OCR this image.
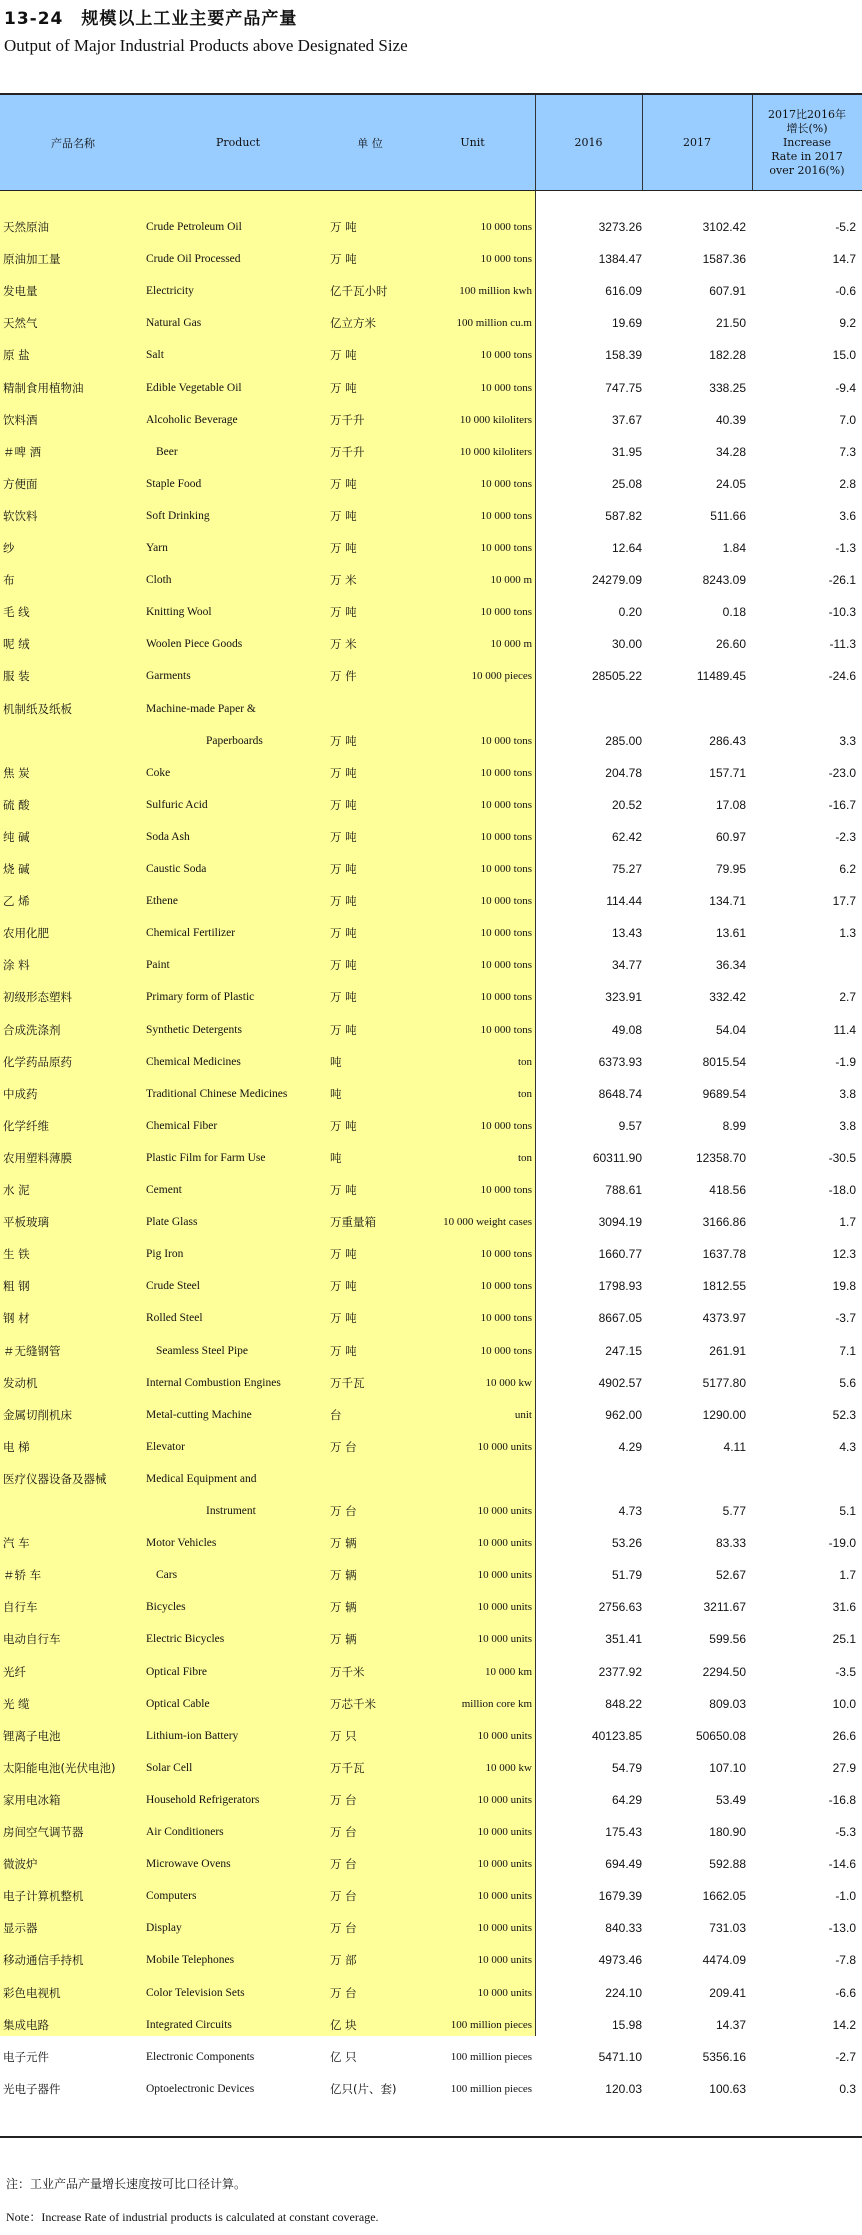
13-24　规模以上工业主要产品产量
Output of Major Industrial Products above Designated Size
产品名称	Product	单 位	Unit	2016	2017
2017比2016年
增长(%)
Increase
Rate in 2017
over 2016(%)
天然原油	Crude Petroleum Oil	万 吨	10 000 tons	3273.26	3102.42	-5.2
原油加工量	Crude Oil Processed	万 吨	10 000 tons	1384.47	1587.36	14.7
发电量	Electricity	亿千瓦小时	100 million kwh	616.09	607.91	-0.6
天然气	Natural Gas	亿立方米	100 million cu.m	19.69	21.50	9.2
原 盐	Salt	万 吨	10 000 tons	158.39	182.28	15.0
精制食用植物油	Edible Vegetable Oil	万 吨	10 000 tons	747.75	338.25	-9.4
饮料酒	Alcoholic Beverage	万千升	10 000 kiloliters	37.67	40.39	7.0
＃啤 酒	Beer	万千升	10 000 kiloliters	31.95	34.28	7.3
方便面	Staple Food	万 吨	10 000 tons	25.08	24.05	2.8
软饮料	Soft Drinking	万 吨	10 000 tons	587.82	511.66	3.6
纱	Yarn	万 吨	10 000 tons	12.64	1.84	-1.3
布	Cloth	万 米	10 000 m	24279.09	8243.09	-26.1
毛 线	Knitting Wool	万 吨	10 000 tons	0.20	0.18	-10.3
呢 绒	Woolen Piece Goods	万 米	10 000 m	30.00	26.60	-11.3
服 装	Garments	万 件	10 000 pieces	28505.22	11489.45	-24.6
机制纸及纸板	Machine-made Paper &
Paperboards	万 吨	10 000 tons	285.00	286.43	3.3
焦 炭	Coke	万 吨	10 000 tons	204.78	157.71	-23.0
硫 酸	Sulfuric Acid	万 吨	10 000 tons	20.52	17.08	-16.7
纯 碱	Soda Ash	万 吨	10 000 tons	62.42	60.97	-2.3
烧 碱	Caustic Soda	万 吨	10 000 tons	75.27	79.95	6.2
乙 烯	Ethene	万 吨	10 000 tons	114.44	134.71	17.7
农用化肥	Chemical Fertilizer	万 吨	10 000 tons	13.43	13.61	1.3
涂 料	Paint	万 吨	10 000 tons	34.77	36.34
初级形态塑料	Primary form of Plastic	万 吨	10 000 tons	323.91	332.42	2.7
合成洗涤剂	Synthetic Detergents	万 吨	10 000 tons	49.08	54.04	11.4
化学药品原药	Chemical Medicines	吨	ton	6373.93	8015.54	-1.9
中成药	Traditional Chinese Medicines	吨	ton	8648.74	9689.54	3.8
化学纤维	Chemical Fiber	万 吨	10 000 tons	9.57	8.99	3.8
农用塑料薄膜	Plastic Film for Farm Use	吨	ton	60311.90	12358.70	-30.5
水 泥	Cement	万 吨	10 000 tons	788.61	418.56	-18.0
平板玻璃	Plate Glass	万重量箱	10 000 weight cases	3094.19	3166.86	1.7
生 铁	Pig Iron	万 吨	10 000 tons	1660.77	1637.78	12.3
粗 钢	Crude Steel	万 吨	10 000 tons	1798.93	1812.55	19.8
钢 材	Rolled Steel	万 吨	10 000 tons	8667.05	4373.97	-3.7
＃无缝钢管	Seamless Steel Pipe	万 吨	10 000 tons	247.15	261.91	7.1
发动机	Internal Combustion Engines	万千瓦	10 000 kw	4902.57	5177.80	5.6
金属切削机床	Metal-cutting Machine	台	unit	962.00	1290.00	52.3
电 梯	Elevator	万 台	10 000 units	4.29	4.11	4.3
医疗仪器设备及器械	Medical Equipment and
Instrument	万 台	10 000 units	4.73	5.77	5.1
汽 车	Motor Vehicles	万 辆	10 000 units	53.26	83.33	-19.0
＃轿 车	Cars	万 辆	10 000 units	51.79	52.67	1.7
自行车	Bicycles	万 辆	10 000 units	2756.63	3211.67	31.6
电动自行车	Electric Bicycles	万 辆	10 000 units	351.41	599.56	25.1
光纤	Optical Fibre	万千米	10 000 km	2377.92	2294.50	-3.5
光 缆	Optical Cable	万芯千米	million core km	848.22	809.03	10.0
锂离子电池	Lithium-ion Battery	万 只	10 000 units	40123.85	50650.08	26.6
太阳能电池(光伏电池)	Solar Cell	万千瓦	10 000 kw	54.79	107.10	27.9
家用电冰箱	Household Refrigerators	万 台	10 000 units	64.29	53.49	-16.8
房间空气调节器	Air Conditioners	万 台	10 000 units	175.43	180.90	-5.3
微波炉	Microwave Ovens	万 台	10 000 units	694.49	592.88	-14.6
电子计算机整机	Computers	万 台	10 000 units	1679.39	1662.05	-1.0
显示器	Display	万 台	10 000 units	840.33	731.03	-13.0
移动通信手持机	Mobile Telephones	万 部	10 000 units	4973.46	4474.09	-7.8
彩色电视机	Color Television Sets	万 台	10 000 units	224.10	209.41	-6.6
集成电路	Integrated Circuits	亿 块	100 million pieces	15.98	14.37	14.2
电子元件	Electronic Components	亿 只	100 million pieces	5471.10	5356.16	-2.7
光电子器件	Optoelectronic Devices	亿只(片、套)	100 million pieces	120.03	100.63	0.3
注：工业产品产量增长速度按可比口径计算。
Note：Increase Rate of industrial products is calculated at constant coverage.
